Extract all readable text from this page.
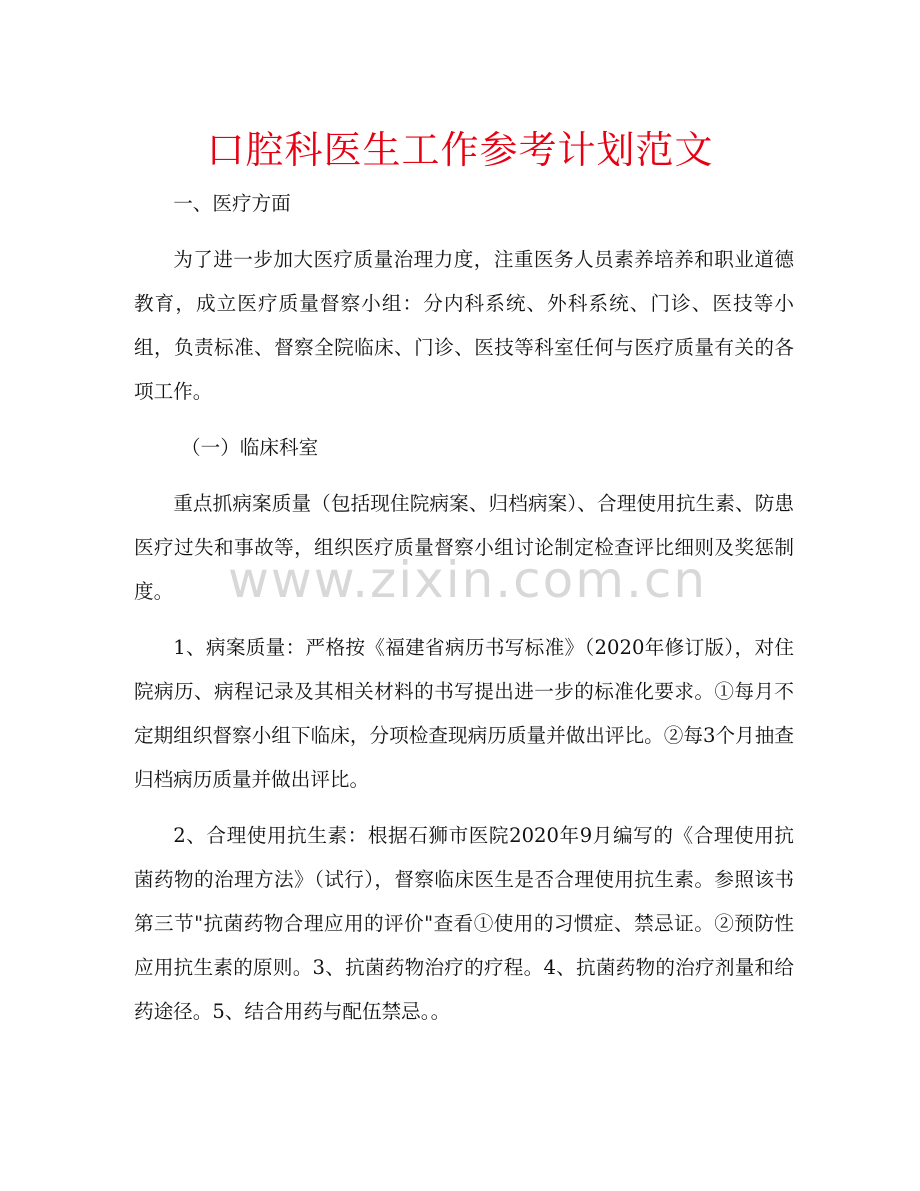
口腔科医生工作参考计划范文
www.zixin.com.cn

一、医疗方面

为了进一步加大医疗质量治理力度，注重医务人员素养培养和职业道德教育，成立医疗质量督察小组：分内科系统、外科系统、门诊、医技等小组，负责标准、督察全院临床、门诊、医技等科室任何与医疗质量有关的各项工作。

（一）临床科室

重点抓病案质量（包括现住院病案、归档病案）、合理使用抗生素、防患医疗过失和事故等，组织医疗质量督察小组讨论制定检查评比细则及奖惩制度。

1、病案质量：严格按《福建省病历书写标准》（2020年修订版），对住院病历、病程记录及其相关材料的书写提出进一步的标准化要求。①每月不定期组织督察小组下临床，分项检查现病历质量并做出评比。②每3个月抽查归档病历质量并做出评比。

2、合理使用抗生素：根据石狮市医院2020年9月编写的《合理使用抗菌药物的治理方法》（试行），督察临床医生是否合理使用抗生素。参照该书第三节"抗菌药物合理应用的评价"查看①使用的习惯症、禁忌证。②预防性应用抗生素的原则。3、抗菌药物治疗的疗程。4、抗菌药物的治疗剂量和给药途径。5、结合用药与配伍禁忌。。
